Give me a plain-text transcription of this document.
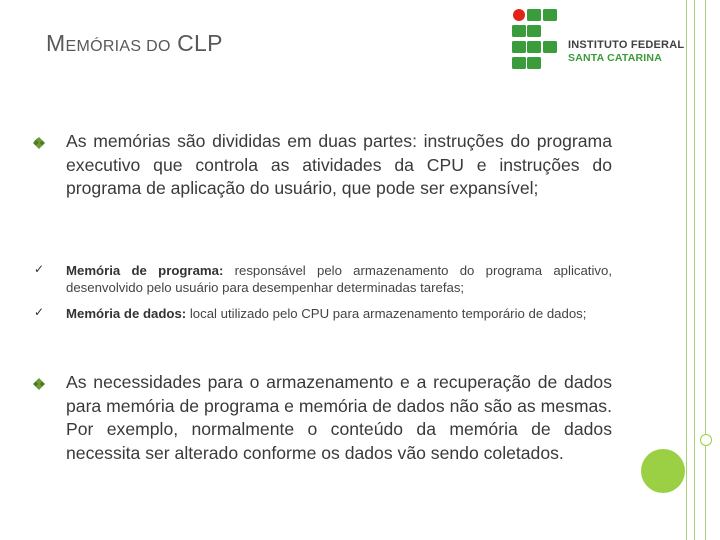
MEMÓRIAS DO CLP	INSTITUTO FEDERAL
SANTA CATARINA
As memórias são divididas em duas partes: instruções do programa executivo que controla as atividades da CPU e instruções do programa de aplicação do usuário, que pode ser expansível;
✓ Memória de programa: responsável pelo armazenamento do programa aplicativo, desenvolvido pelo usuário para desempenhar determinadas tarefas;
✓ Memória de dados: local utilizado pelo CPU para armazenamento temporário de dados;
As necessidades para o armazenamento e a recuperação de dados para memória de programa e memória de dados não são as mesmas. Por exemplo, normalmente o conteúdo da memória de dados necessita ser alterado conforme os dados vão sendo coletados.
